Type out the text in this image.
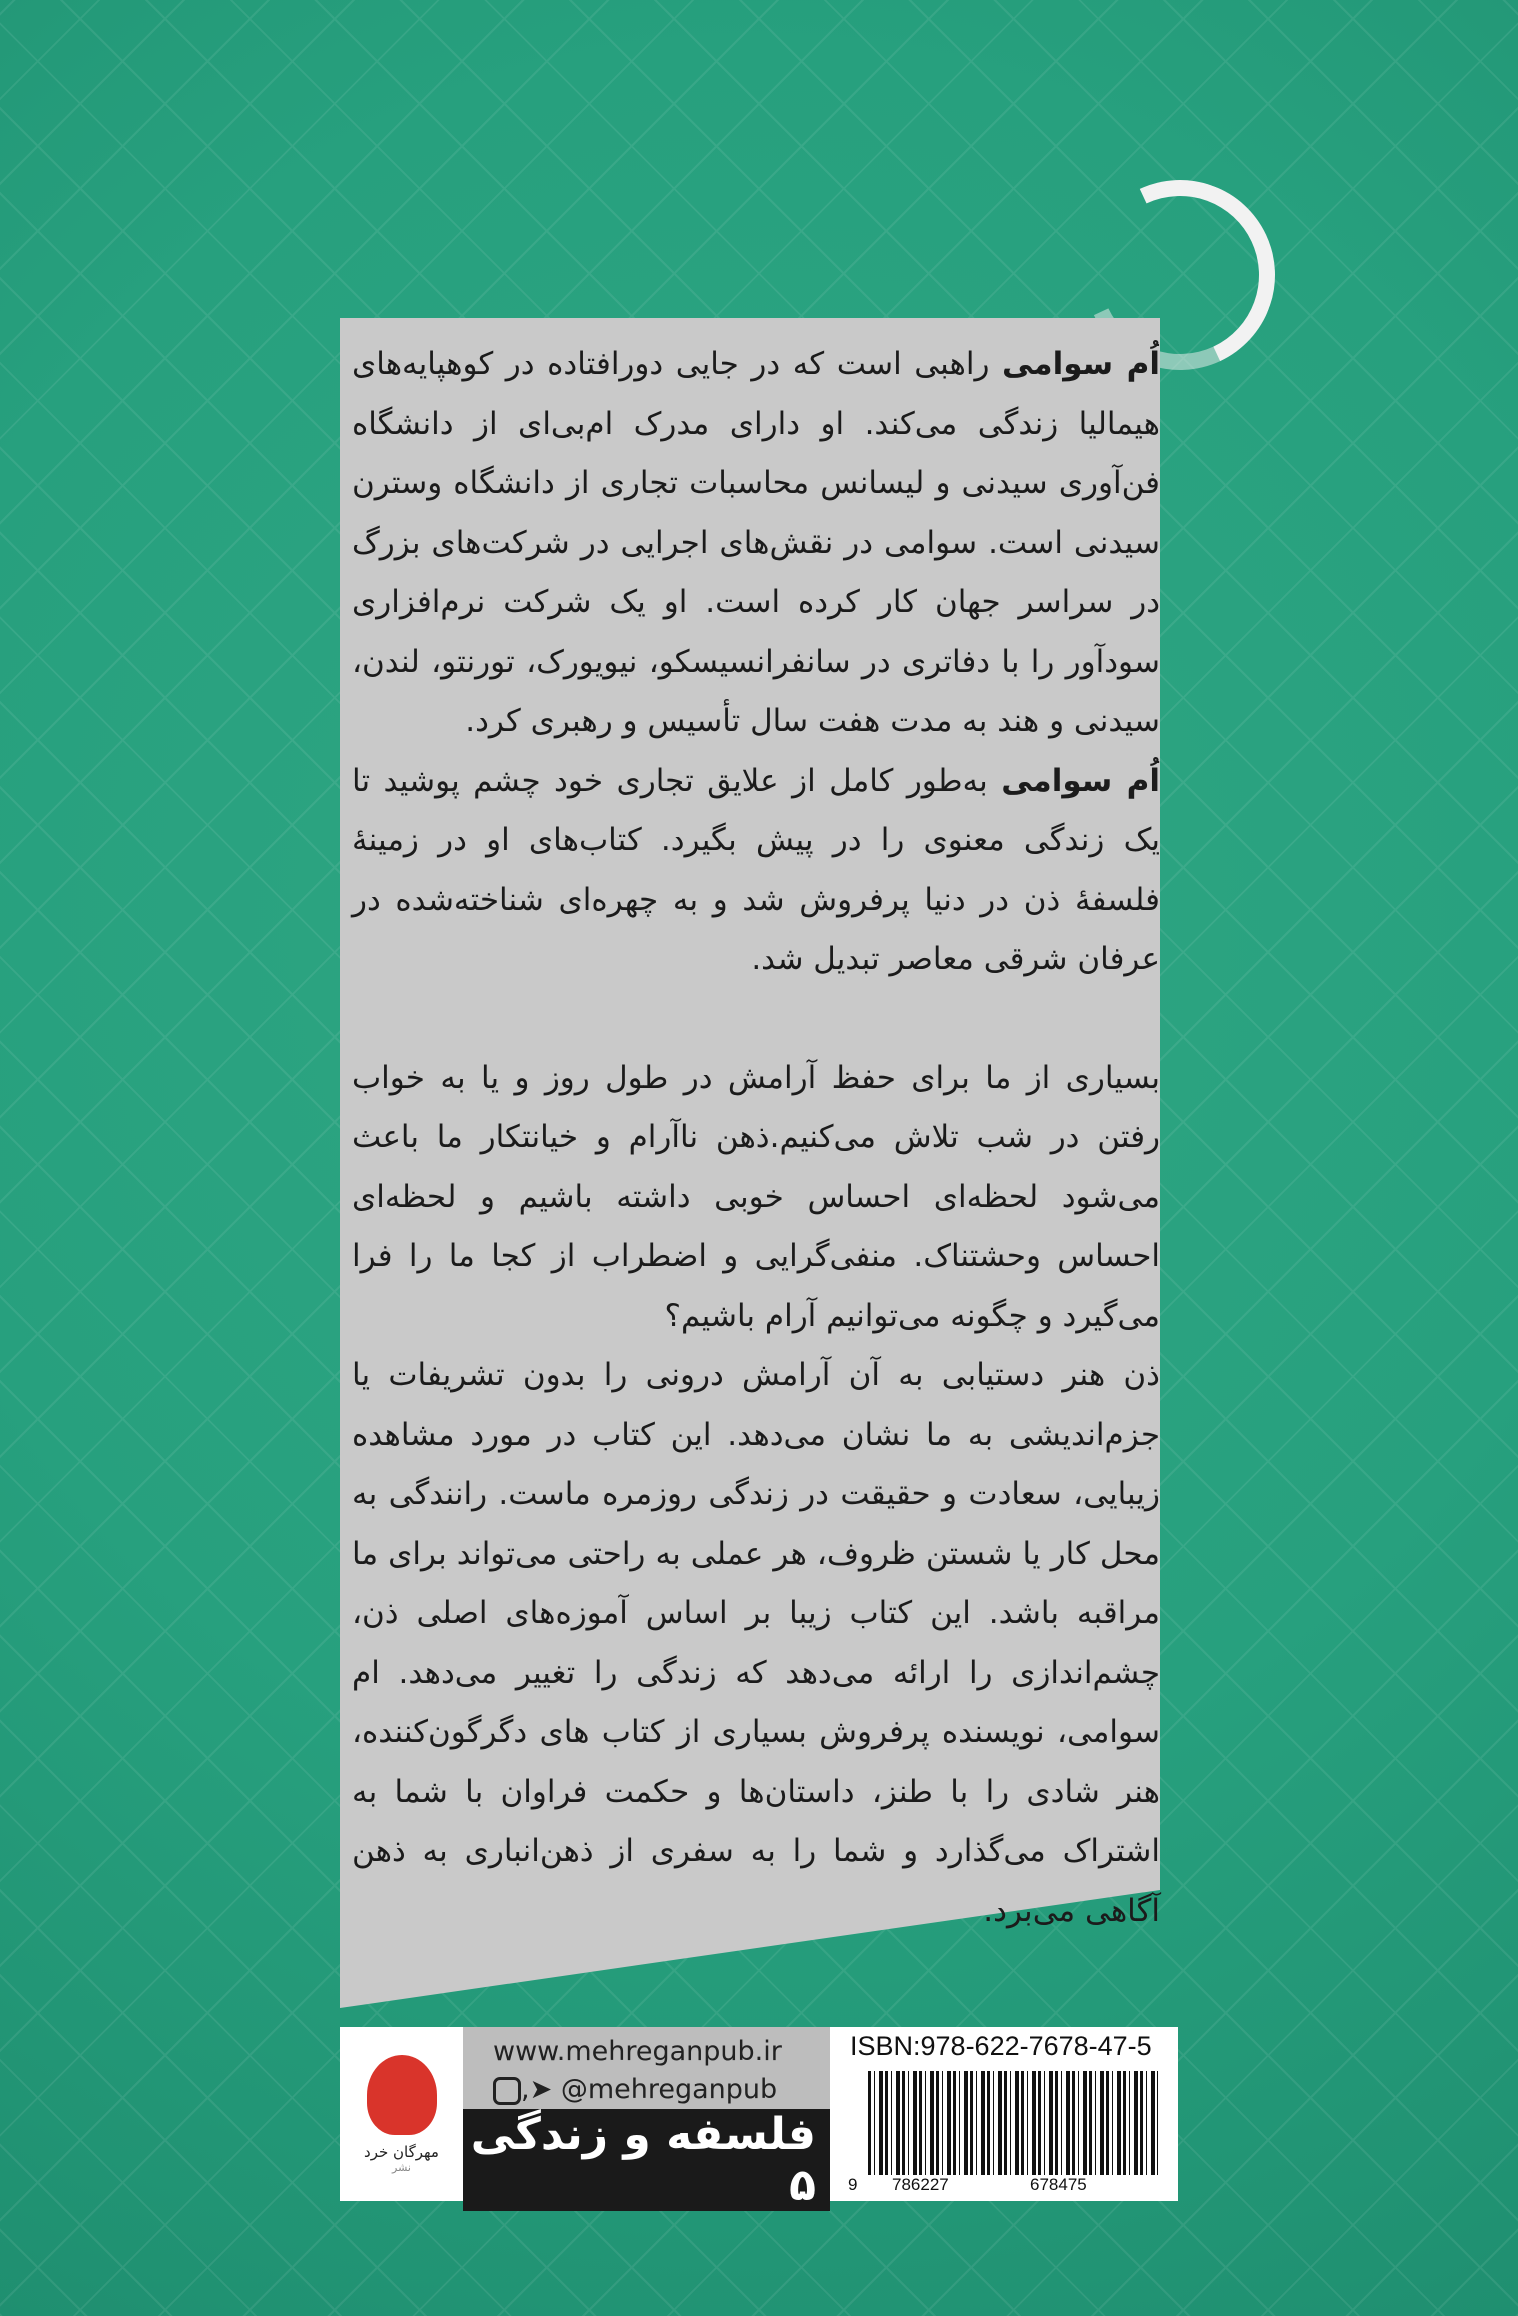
اُم سوامی راهبی است که در جایی دورافتاده در کوهپایه‌های هیمالیا زندگی می‌کند. او دارای مدرک ام‌بی‌ای از دانشگاه فن‌آوری سیدنی و لیسانس محاسبات تجاری از دانشگاه وسترن سیدنی است. سوامی در نقش‌های اجرایی در شرکت‌های بزرگ در سراسر جهان کار کرده است. او یک شرکت نرم‌افزاری سودآور را با دفاتری در سانفرانسیسکو، نیویورک، تورنتو، لندن، سیدنی و هند به مدت هفت سال تأسیس و رهبری کرد.

اُم سوامی به‌طور کامل از علایق تجاری خود چشم پوشید تا یک زندگی معنوی را در پیش بگیرد. کتاب‌های او در زمینهٔ فلسفهٔ ذن در دنیا پرفروش شد و به چهره‌ای شناخته‌شده در عرفان شرقی معاصر تبدیل شد.

بسیاری از ما برای حفظ آرامش در طول روز و یا به خواب رفتن در شب تلاش می‌کنیم.ذهن ناآرام و خیانتکار ما باعث می‌شود لحظه‌ای احساس خوبی داشته باشیم و لحظه‌ای احساس وحشتناک. منفی‌گرایی و اضطراب از کجا ما را فرا می‌گیرد و چگونه می‌توانیم آرام باشیم؟

ذن هنر دستیابی به آن آرامش درونی را بدون تشریفات یا جزم‌اندیشی به ما نشان می‌دهد. این کتاب در مورد مشاهده زیبایی، سعادت و حقیقت در زندگی روزمره ماست. رانندگی به محل کار یا شستن ظروف، هر عملی به راحتی می‌تواند برای ما مراقبه باشد. این کتاب زیبا بر اساس آموزه‌های اصلی ذن، چشم‌اندازی را ارائه می‌دهد که زندگی را تغییر می‌دهد. ام سوامی، نویسنده پرفروش بسیاری از کتاب های دگرگون‌کننده، هنر شادی را با طنز، داستان‌ها و حکمت فراوان با شما به اشتراک می‌گذارد و شما را به سفری از ذهن‌انباری به ذهن آگاهی می‌برد.

مهرگان خرد
نشر
www.mehreganpub.ir
,➤ @mehreganpub
فلسفه و زندگی ۵
ISBN:978-622-7678-47-5
9 786227	678475
